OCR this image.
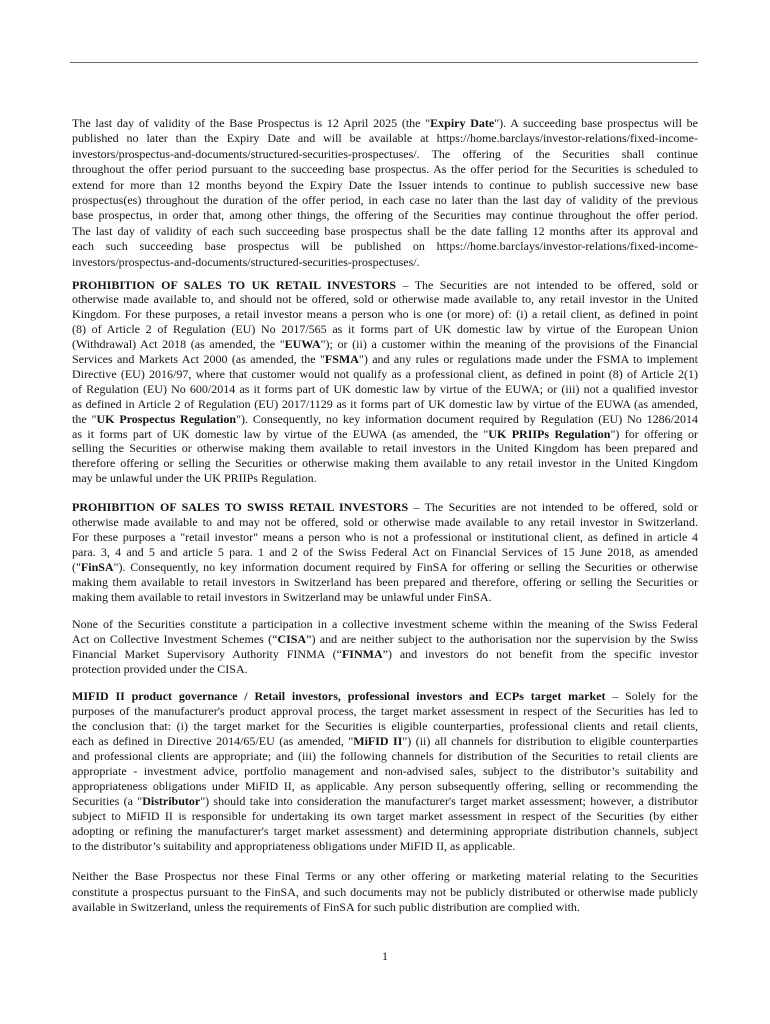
The last day of validity of the Base Prospectus is 12 April 2025 (the "Expiry Date"). A succeeding base prospectus will be
published no later than the Expiry Date and will be available at https://home.barclays/investor-relations/fixed-income-
investors/prospectus-and-documents/structured-securities-prospectuses/. The offering of the Securities shall continue
throughout the offer period pursuant to the succeeding base prospectus. As the offer period for the Securities is scheduled to
extend for more than 12 months beyond the Expiry Date the Issuer intends to continue to publish successive new base
prospectus(es) throughout the duration of the offer period, in each case no later than the last day of validity of the previous
base prospectus, in order that, among other things, the offering of the Securities may continue throughout the offer period.
The last day of validity of each such succeeding base prospectus shall be the date falling 12 months after its approval and
each such succeeding base prospectus will be published on https://home.barclays/investor-relations/fixed-income-
investors/prospectus-and-documents/structured-securities-prospectuses/.
PROHIBITION OF SALES TO UK RETAIL INVESTORS – The Securities are not intended to be offered, sold or
otherwise made available to, and should not be offered, sold or otherwise made available to, any retail investor in the United
Kingdom. For these purposes, a retail investor means a person who is one (or more) of: (i) a retail client, as defined in point
(8) of Article 2 of Regulation (EU) No 2017/565 as it forms part of UK domestic law by virtue of the European Union
(Withdrawal) Act 2018 (as amended, the "EUWA"); or (ii) a customer within the meaning of the provisions of the Financial
Services and Markets Act 2000 (as amended, the "FSMA") and any rules or regulations made under the FSMA to implement
Directive (EU) 2016/97, where that customer would not qualify as a professional client, as defined in point (8) of Article 2(1)
of Regulation (EU) No 600/2014 as it forms part of UK domestic law by virtue of the EUWA; or (iii) not a qualified investor
as defined in Article 2 of Regulation (EU) 2017/1129 as it forms part of UK domestic law by virtue of the EUWA (as amended,
the "UK Prospectus Regulation"). Consequently, no key information document required by Regulation (EU) No 1286/2014
as it forms part of UK domestic law by virtue of the EUWA (as amended, the "UK PRIIPs Regulation") for offering or
selling the Securities or otherwise making them available to retail investors in the United Kingdom has been prepared and
therefore offering or selling the Securities or otherwise making them available to any retail investor in the United Kingdom
may be unlawful under the UK PRIIPs Regulation.
PROHIBITION OF SALES TO SWISS RETAIL INVESTORS – The Securities are not intended to be offered, sold or
otherwise made available to and may not be offered, sold or otherwise made available to any retail investor in Switzerland.
For these purposes a "retail investor" means a person who is not a professional or institutional client, as defined in article 4
para. 3, 4 and 5 and article 5 para. 1 and 2 of the Swiss Federal Act on Financial Services of 15 June 2018, as amended
("FinSA"). Consequently, no key information document required by FinSA for offering or selling the Securities or otherwise
making them available to retail investors in Switzerland has been prepared and therefore, offering or selling the Securities or
making them available to retail investors in Switzerland may be unlawful under FinSA.
None of the Securities constitute a participation in a collective investment scheme within the meaning of the Swiss Federal
Act on Collective Investment Schemes (“CISA”) and are neither subject to the authorisation nor the supervision by the Swiss
Financial Market Supervisory Authority FINMA (“FINMA”) and investors do not benefit from the specific investor
protection provided under the CISA.
MIFID II product governance / Retail investors, professional investors and ECPs target market – Solely for the
purposes of the manufacturer's product approval process, the target market assessment in respect of the Securities has led to
the conclusion that: (i) the target market for the Securities is eligible counterparties, professional clients and retail clients,
each as defined in Directive 2014/65/EU (as amended, "MiFID II") (ii) all channels for distribution to eligible counterparties
and professional clients are appropriate; and (iii) the following channels for distribution of the Securities to retail clients are
appropriate - investment advice, portfolio management and non-advised sales, subject to the distributor’s suitability and
appropriateness obligations under MiFID II, as applicable. Any person subsequently offering, selling or recommending the
Securities (a "Distributor") should take into consideration the manufacturer's target market assessment; however, a distributor
subject to MiFID II is responsible for undertaking its own target market assessment in respect of the Securities (by either
adopting or refining the manufacturer's target market assessment) and determining appropriate distribution channels, subject
to the distributor’s suitability and appropriateness obligations under MiFID II, as applicable.
Neither the Base Prospectus nor these Final Terms or any other offering or marketing material relating to the Securities
constitute a prospectus pursuant to the FinSA, and such documents may not be publicly distributed or otherwise made publicly
available in Switzerland, unless the requirements of FinSA for such public distribution are complied with.
1
